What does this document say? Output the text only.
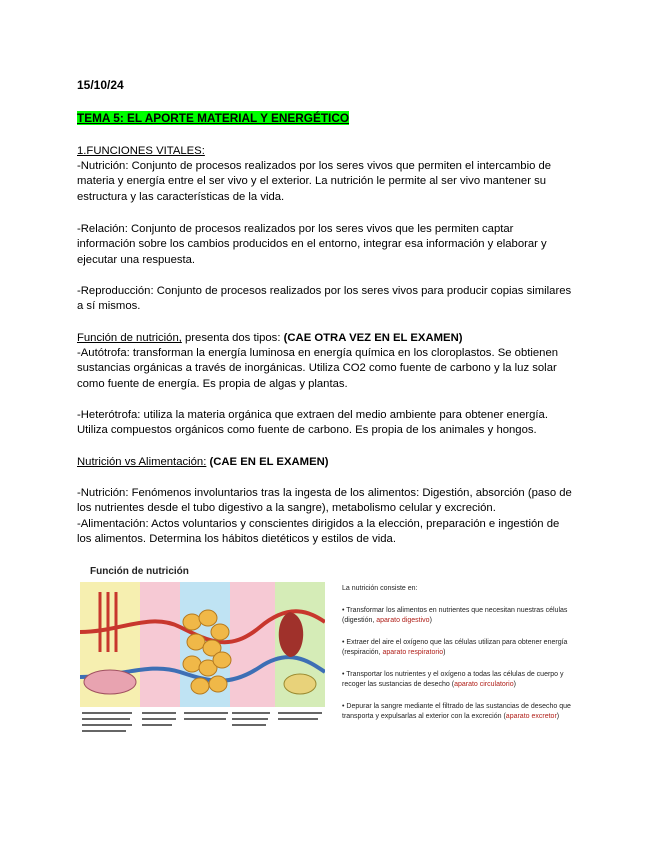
15/10/24

TEMA 5: EL APORTE MATERIAL Y ENERGÉTICO

1.FUNCIONES VITALES:

-Nutrición: Conjunto de procesos realizados por los seres vivos que permiten el intercambio de materia y energía entre el ser vivo y el exterior. La nutrición le permite al ser vivo mantener su estructura y las características de la vida.

-Relación: Conjunto de procesos realizados por los seres vivos que les permiten captar información sobre los cambios producidos en el entorno, integrar esa información y elaborar y ejecutar una respuesta.

-Reproducción: Conjunto de procesos realizados por los seres vivos para producir copias similares a sí mismos.

Función de nutrición, presenta dos tipos: (CAE OTRA VEZ EN EL EXAMEN)

-Autótrofa: transforman la energía luminosa en energía química en los cloroplastos. Se obtienen sustancias orgánicas a través de inorgánicas. Utiliza CO2 como fuente de carbono y la luz solar como fuente de energía. Es propia de algas y plantas.

-Heterótrofa: utiliza la materia orgánica que extraen del medio ambiente para obtener energía. Utiliza compuestos orgánicos como fuente de carbono. Es propia de los animales y hongos.

Nutrición vs Alimentación: (CAE EN EL EXAMEN)

-Nutrición: Fenómenos involuntarios tras la ingesta de los alimentos: Digestión, absorción (paso de los nutrientes desde el tubo digestivo a la sangre), metabolismo celular y excreción.

-Alimentación: Actos voluntarios y conscientes dirigidos a la elección, preparación e ingestión de los alimentos. Determina los hábitos dietéticos y estilos de vida.

Función de nutrición
La nutrición consiste en:
• Transformar los alimentos en nutrientes que necesitan nuestras células (digestión, aparato digestivo)
• Extraer del aire el oxígeno que las células utilizan para obtener energía (respiración, aparato respiratorio)
• Transportar los nutrientes y el oxígeno a todas las células de cuerpo y recoger las sustancias de desecho (aparato circulatorio)
• Depurar la sangre mediante el filtrado de las sustancias de desecho que transporta y expulsarlas al exterior con la excreción (aparato excretor)
